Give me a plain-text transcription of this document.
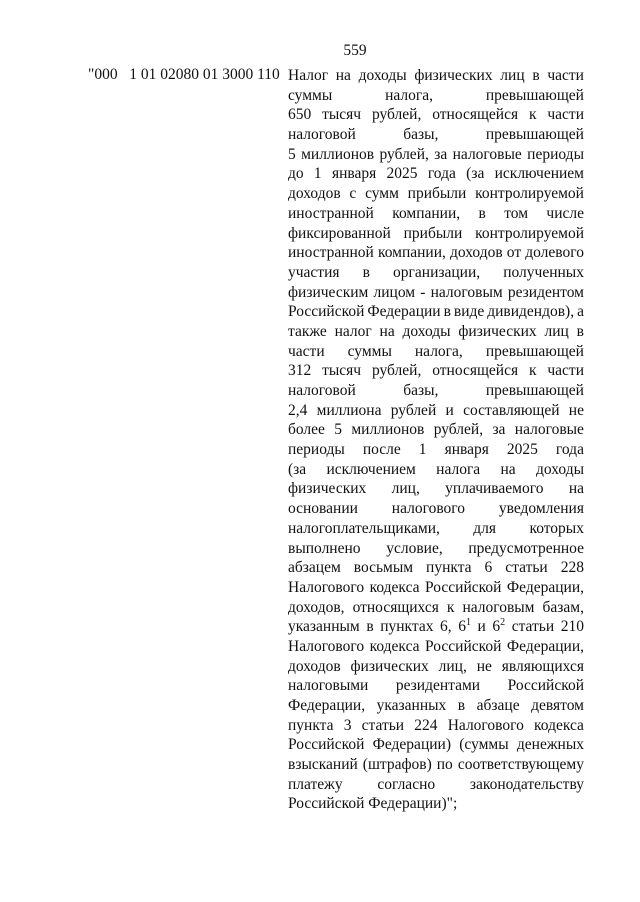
559
"000   1 01 02080 01 3000 110 Налог на доходы физических лиц в части
суммы	налога,	превышающей
650 тысяч рублей, относящейся к части
налоговой	базы,	превышающей
5 миллионов рублей, за налоговые периоды
до 1 января 2025 года (за исключением
доходов с сумм прибыли контролируемой
иностранной компании, в том числе
фиксированной прибыли контролируемой
иностранной компании, доходов от долевого
участия в организации, полученных
физическим лицом - налоговым резидентом
Российской Федерации в виде дивидендов), а
также налог на доходы физических лиц в
части суммы налога, превышающей
312 тысяч рублей, относящейся к части
налоговой	базы,	превышающей
2,4 миллиона рублей и составляющей не
более 5 миллионов рублей, за налоговые
периоды после 1 января 2025 года
(за исключением налога на доходы
физических лиц, уплачиваемого на
основании налогового уведомления
налогоплательщиками, для которых
выполнено условие, предусмотренное
абзацем восьмым пункта 6 статьи 228
Налогового кодекса Российской Федерации,
доходов, относящихся к налоговым базам,
указанным в пунктах 6, $6^1$ и $6^2$ статьи 210
Налогового кодекса Российской Федерации,
доходов физических лиц, не являющихся
налоговыми резидентами Российской
Федерации, указанных в абзаце девятом
пункта 3 статьи 224 Налогового кодекса
Российской Федерации) (суммы денежных
взысканий (штрафов) по соответствующему
платежу согласно законодательству
Российской Федерации)";
